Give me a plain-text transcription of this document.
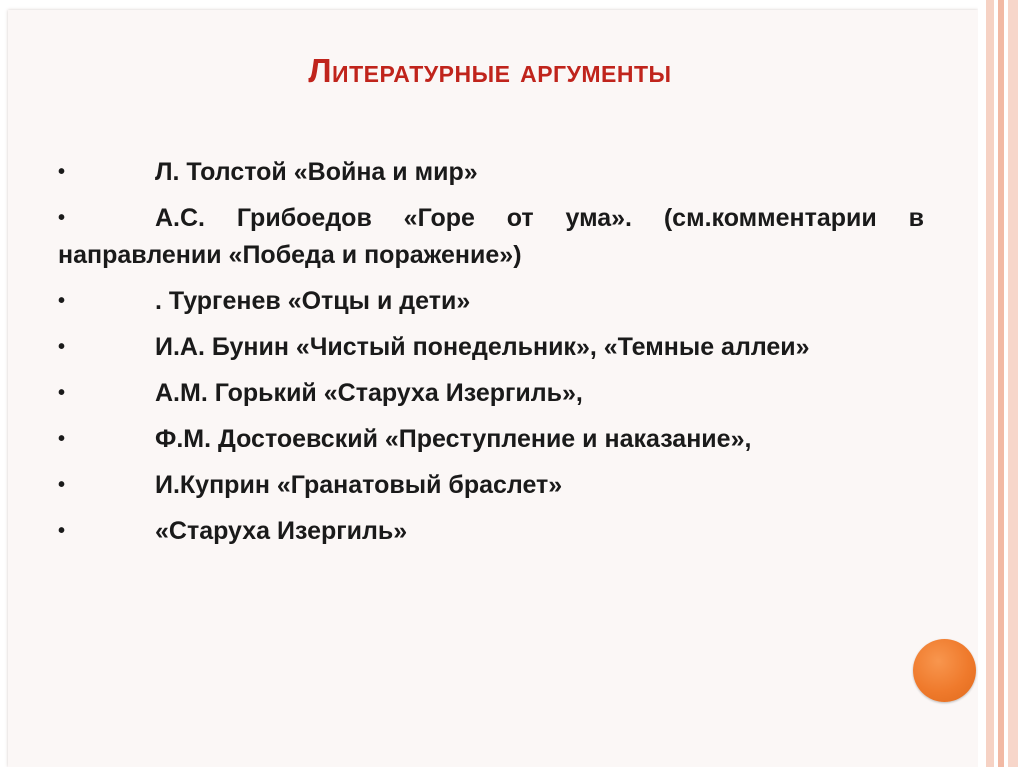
Литературные аргументы
•	Л. Толстой «Война и мир»
•	А.С. Грибоедов «Горе от ума». (см.комментарии в направлении «Победа и поражение»)
•	. Тургенев «Отцы и дети»
•	И.А. Бунин «Чистый понедельник», «Темные аллеи»
•	А.М. Горький «Старуха Изергиль»,
•	Ф.М. Достоевский «Преступление и наказание»,
•	И.Куприн «Гранатовый браслет»
•	«Старуха Изергиль»
